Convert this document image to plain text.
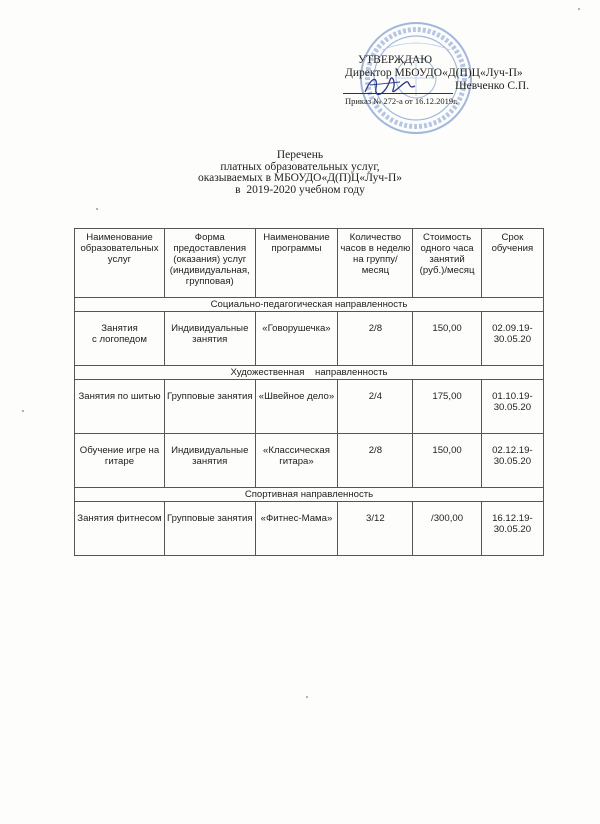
УТВЕРЖДАЮ
Директор МБОУДО«Д(П)Ц«Луч-П»
Шевченко С.П.
Приказ № 272-а от 16.12.2019г.
Перечень
платных образовательных услуг,
оказываемых в МБОУДО«Д(П)Ц«Луч-П»
в  2019-2020 учебном году
Наименование образовательных услуг	Форма предоставления (оказания) услуг (индивидуальная, групповая)	Наименование программы	Количество часов в неделю на группу/месяц	Стоимость одного часа занятий (руб.)/месяц	Срок обучения
Социально-педагогическая направленность					
Занятия
с логопедом	Индивидуальные занятия	«Говорушечка»	2/8	150,00	02.09.19-30.05.20
Художественная    направленность					
Занятия по шитью	Групповые занятия	«Швейное дело»	2/4	175,00	01.10.19-30.05.20
Обучение игре на гитаре	Индивидуальные занятия	«Классическая гитара»	2/8	150,00	02.12.19-30.05.20
Спортивная направленность					
Занятия фитнесом	Групповые занятия	«Фитнес-Мама»	3/12	/300,00	16.12.19-30.05.20
